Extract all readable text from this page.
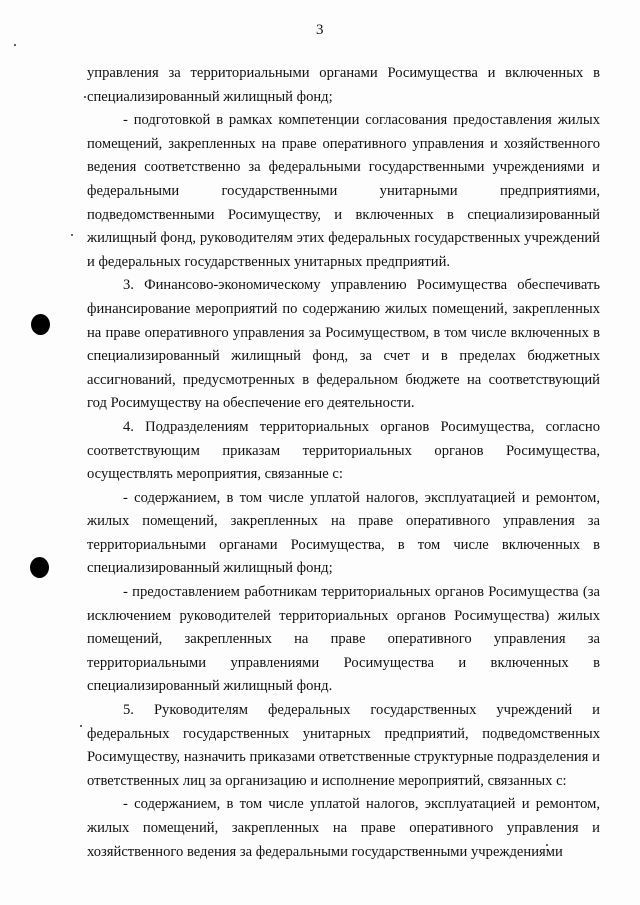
3

управления за территориальными органами Росимущества и включенных в специализированный жилищный фонд;

- подготовкой в рамках компетенции согласования предоставления жилых помещений, закрепленных на праве оперативного управления и хозяйственного ведения соответственно за федеральными государственными учреждениями и федеральными государственными унитарными предприятиями, подведомственными Росимуществу, и включенных в специализированный жилищный фонд, руководителям этих федеральных государственных учреждений и федеральных государственных унитарных предприятий.

3. Финансово-экономическому управлению Росимущества обеспечивать финансирование мероприятий по содержанию жилых помещений, закрепленных на праве оперативного управления за Росимуществом, в том числе включенных в специализированный жилищный фонд, за счет и в пределах бюджетных ассигнований, предусмотренных в федеральном бюджете на соответствующий год Росимуществу на обеспечение его деятельности.

4. Подразделениям территориальных органов Росимущества, согласно соответствующим приказам территориальных органов Росимущества, осуществлять мероприятия, связанные с:

- содержанием, в том числе уплатой налогов, эксплуатацией и ремонтом, жилых помещений, закрепленных на праве оперативного управления за территориальными органами Росимущества, в том числе включенных в специализированный жилищный фонд;

- предоставлением работникам территориальных органов Росимущества (за исключением руководителей территориальных органов Росимущества) жилых помещений, закрепленных на праве оперативного управления за территориальными управлениями Росимущества и включенных в специализированный жилищный фонд.

5. Руководителям федеральных государственных учреждений и федеральных государственных унитарных предприятий, подведомственных Росимуществу, назначить приказами ответственные структурные подразделения и ответственных лиц за организацию и исполнение мероприятий, связанных с:

- содержанием, в том числе уплатой налогов, эксплуатацией и ремонтом, жилых помещений, закрепленных на праве оперативного управления и хозяйственного ведения за федеральными государственными учреждениями
